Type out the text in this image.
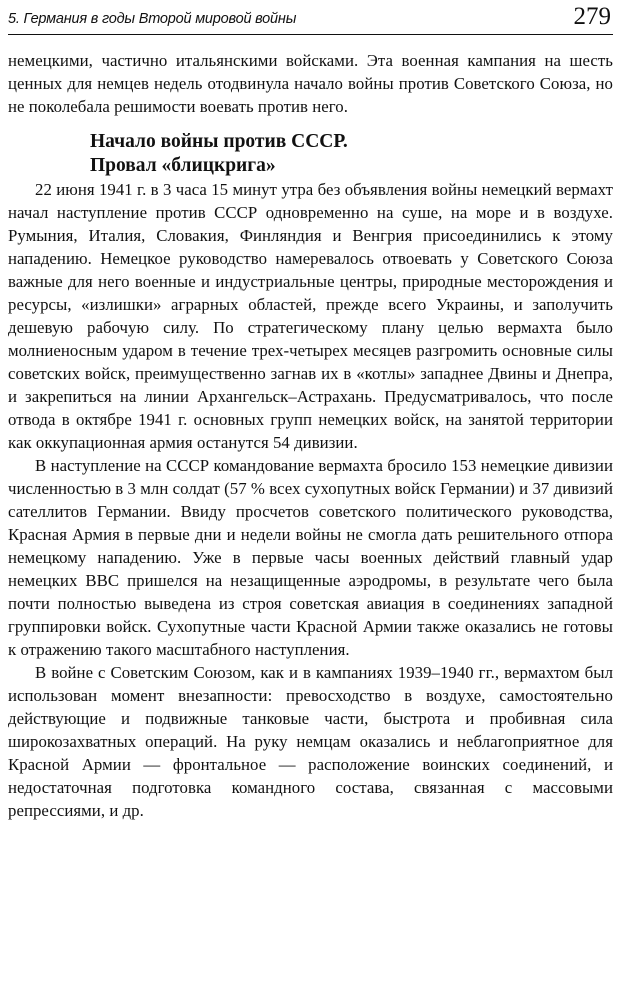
5. Германия в годы Второй мировой войны	279

немецкими, частично итальянскими войсками. Эта военная кампания на шесть ценных для немцев недель отодвинула начало войны против Советского Союза, но не поколебала решимости воевать против него.

Начало войны против СССР.
Провал «блицкрига»

22 июня 1941 г. в 3 часа 15 минут утра без объявления войны немецкий вермахт начал наступление против СССР одновременно на суше, на море и в воздухе. Румыния, Италия, Словакия, Финляндия и Венгрия присоединились к этому нападению. Немецкое руководство намеревалось отвоевать у Советского Союза важные для него военные и индустриальные центры, природные месторождения и ресурсы, «излишки» аграрных областей, прежде всего Украины, и заполучить дешевую рабочую силу. По стратегическому плану целью вермахта было молниеносным ударом в течение трех-четырех месяцев разгромить основные силы советских войск, преимущественно загнав их в «котлы» западнее Двины и Днепра, и закрепиться на линии Архангельск–Астрахань. Предусматривалось, что после отвода в октябре 1941 г. основных групп немецких войск, на занятой территории как оккупационная армия останутся 54 дивизии.

В наступление на СССР командование вермахта бросило 153 немецкие дивизии численностью в 3 млн солдат (57 % всех сухопутных войск Германии) и 37 дивизий сателлитов Германии. Ввиду просчетов советского политического руководства, Красная Армия в первые дни и недели войны не смогла дать решительного отпора немецкому нападению. Уже в первые часы военных действий главный удар немецких ВВС пришелся на незащищенные аэродромы, в результате чего была почти полностью выведена из строя советская авиация в соединениях западной группировки войск. Сухопутные части Красной Армии также оказались не готовы к отражению такого масштабного наступления.

В войне с Советским Союзом, как и в кампаниях 1939–1940 гг., вермахтом был использован момент внезапности: превосходство в воздухе, самостоятельно действующие и подвижные танковые части, быстрота и пробивная сила широкозахватных операций. На руку немцам оказались и неблагоприятное для Красной Армии — фронтальное — расположение воинских соединений, и недостаточная подготовка командного состава, связанная с массовыми репрессиями, и др.
